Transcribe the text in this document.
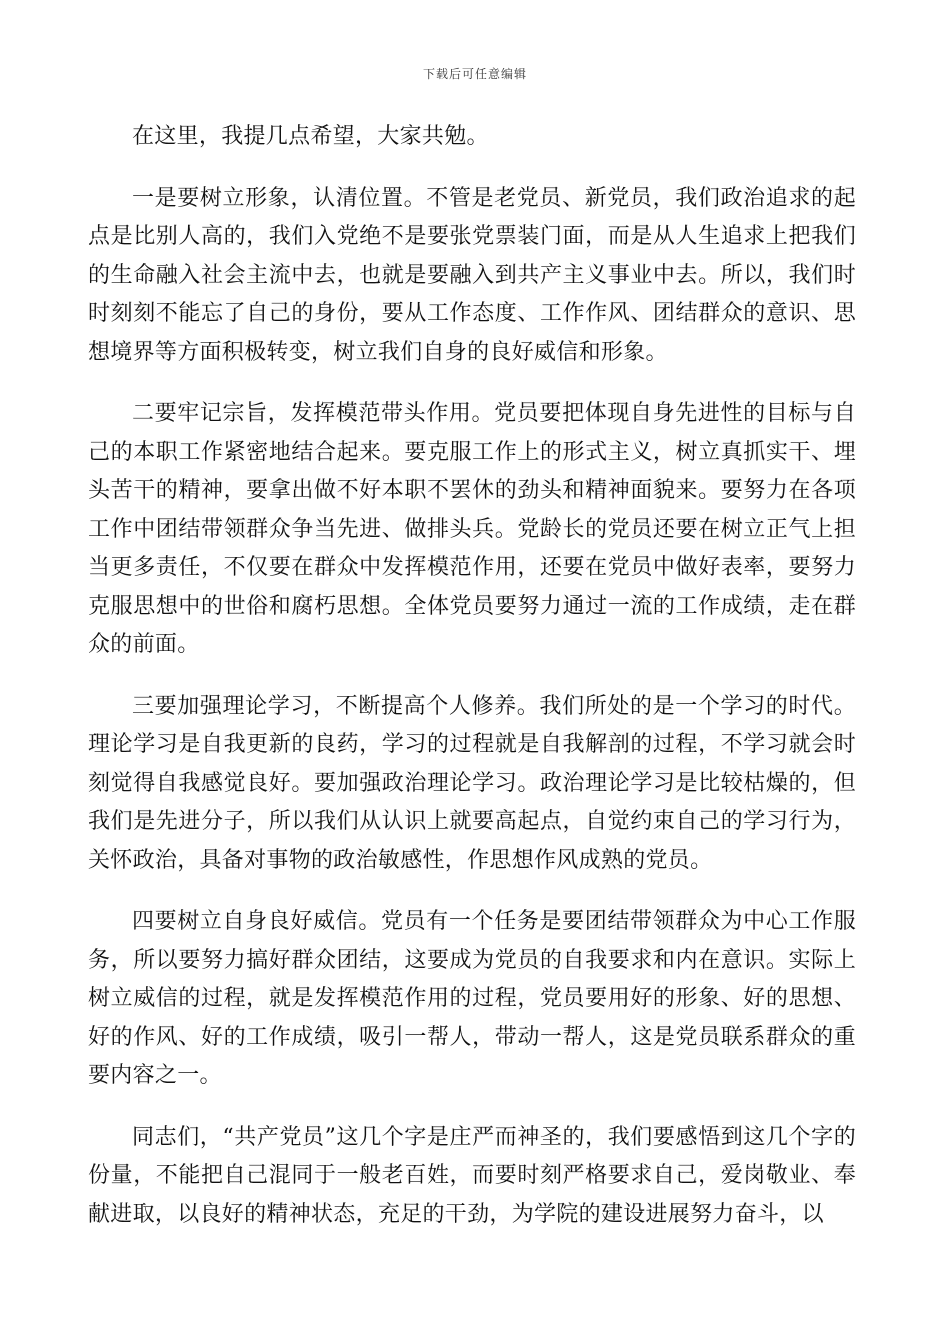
下载后可任意编辑

在这里，我提几点希望，大家共勉。

一是要树立形象，认清位置。不管是老党员、新党员，我们政治追求的起点是比别人高的，我们入党绝不是要张党票装门面，而是从人生追求上把我们的生命融入社会主流中去，也就是要融入到共产主义事业中去。所以，我们时时刻刻不能忘了自己的身份，要从工作态度、工作作风、团结群众的意识、思想境界等方面积极转变，树立我们自身的良好威信和形象。

二要牢记宗旨，发挥模范带头作用。党员要把体现自身先进性的目标与自己的本职工作紧密地结合起来。要克服工作上的形式主义，树立真抓实干、埋头苦干的精神，要拿出做不好本职不罢休的劲头和精神面貌来。要努力在各项工作中团结带领群众争当先进、做排头兵。党龄长的党员还要在树立正气上担当更多责任，不仅要在群众中发挥模范作用，还要在党员中做好表率，要努力克服思想中的世俗和腐朽思想。全体党员要努力通过一流的工作成绩，走在群众的前面。

三要加强理论学习，不断提高个人修养。我们所处的是一个学习的时代。理论学习是自我更新的良药，学习的过程就是自我解剖的过程，不学习就会时刻觉得自我感觉良好。要加强政治理论学习。政治理论学习是比较枯燥的，但我们是先进分子，所以我们从认识上就要高起点，自觉约束自己的学习行为，关怀政治，具备对事物的政治敏感性，作思想作风成熟的党员。

四要树立自身良好威信。党员有一个任务是要团结带领群众为中心工作服务，所以要努力搞好群众团结，这要成为党员的自我要求和内在意识。实际上树立威信的过程，就是发挥模范作用的过程，党员要用好的形象、好的思想、好的作风、好的工作成绩，吸引一帮人，带动一帮人，这是党员联系群众的重要内容之一。

同志们，“共产党员”这几个字是庄严而神圣的，我们要感悟到这几个字的份量，不能把自己混同于一般老百姓，而要时刻严格要求自己，爱岗敬业、奉献进取，以良好的精神状态，充足的干劲，为学院的建设进展努力奋斗，以
